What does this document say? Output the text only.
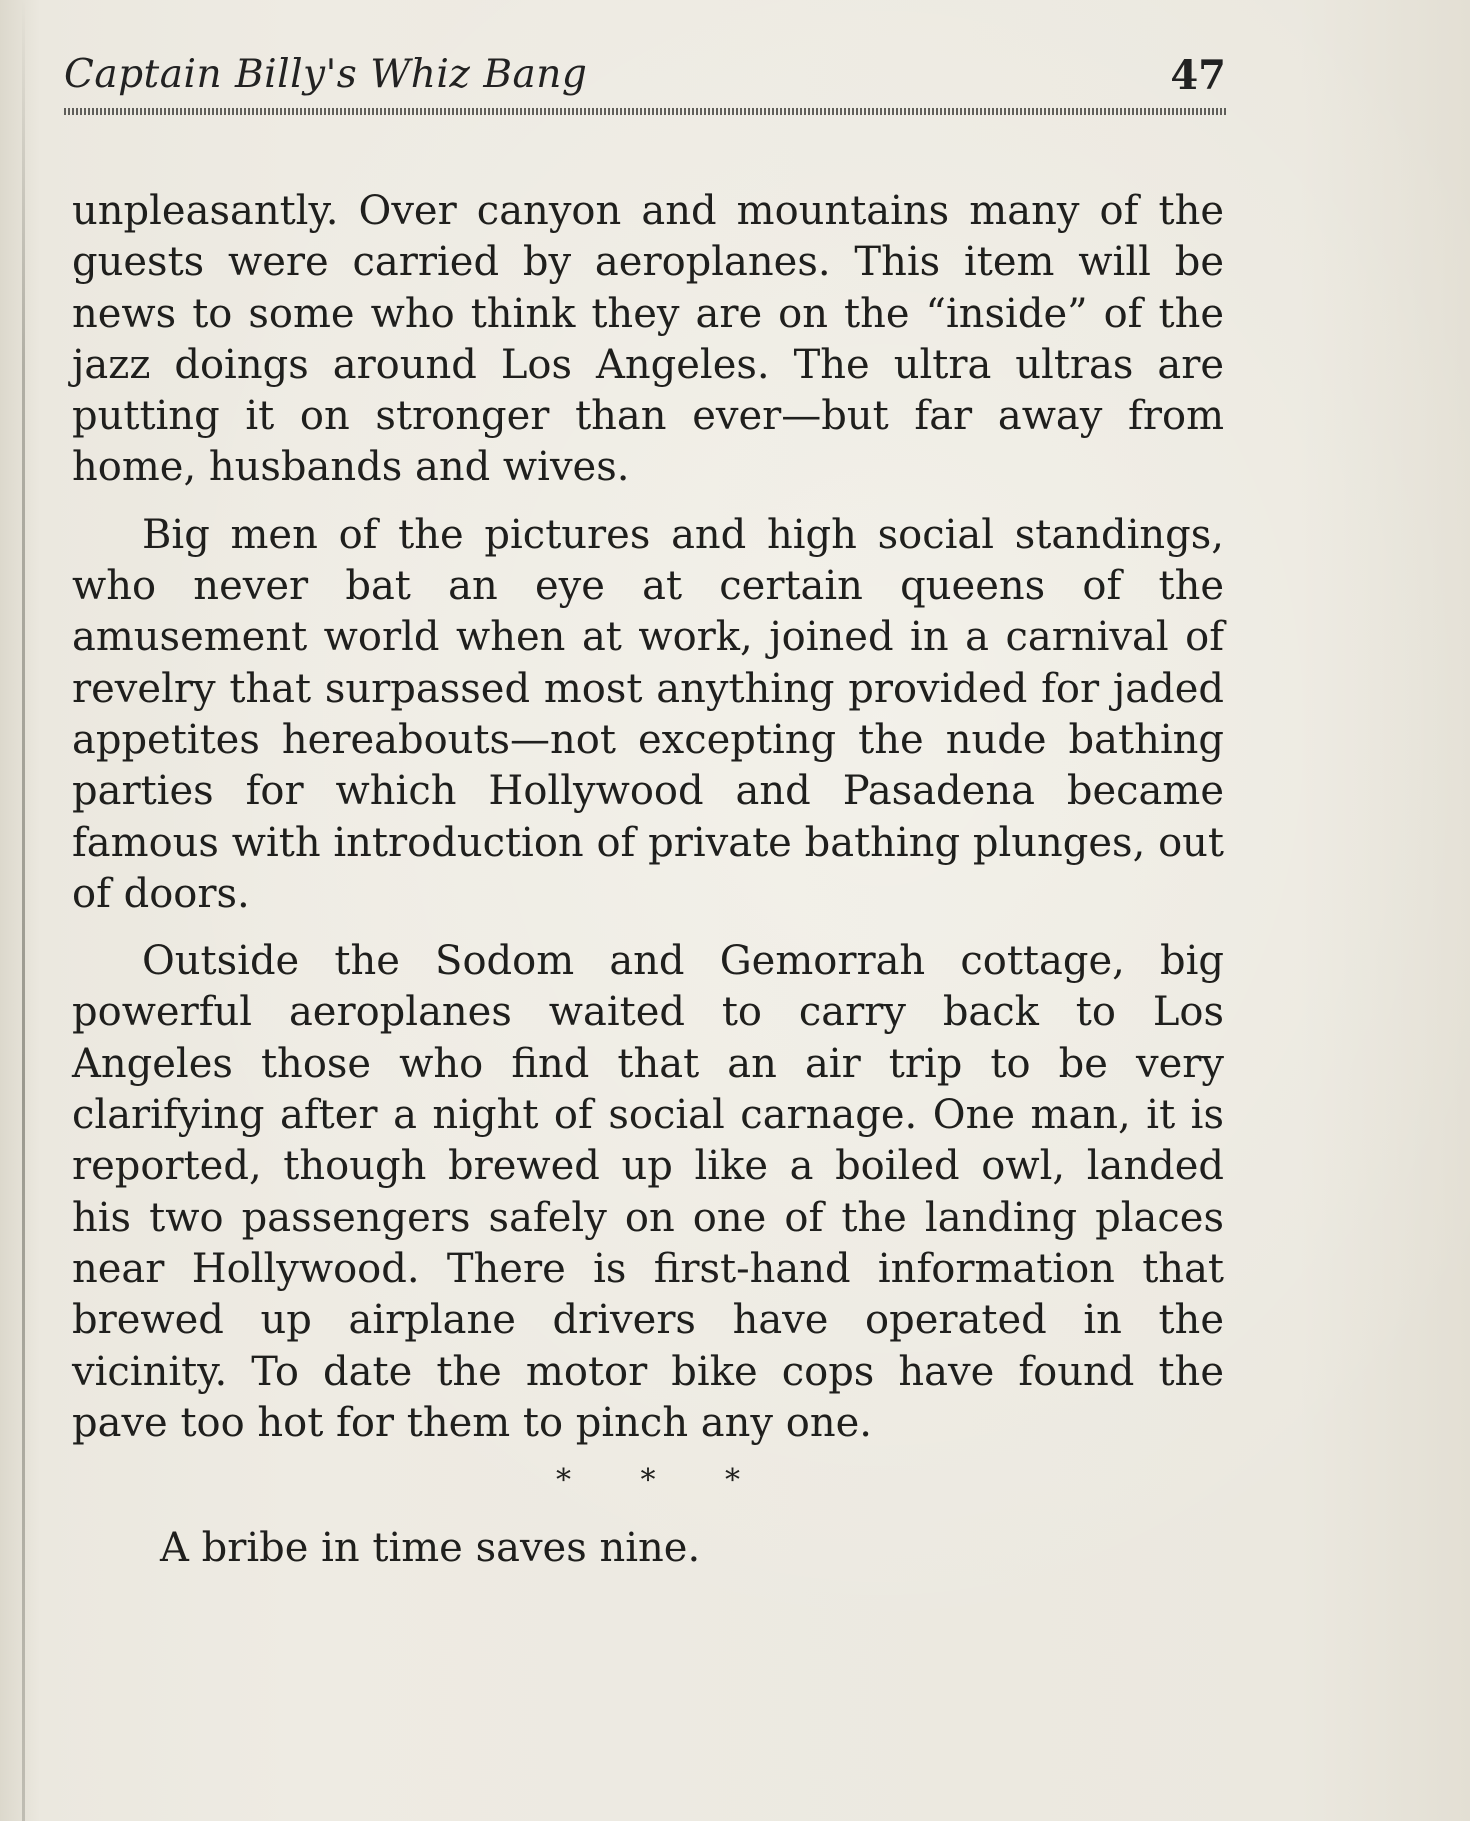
Captain Billy's Whiz Bang	47

unpleasantly. Over canyon and mountains many of the guests were carried by aeroplanes. This item will be news to some who think they are on the “inside” of the jazz doings around Los Angeles. The ultra ultras are putting it on stronger than ever—but far away from home, husbands and wives.

Big men of the pictures and high social standings, who never bat an eye at certain queens of the amusement world when at work, joined in a carnival of revelry that surpassed most anything provided for jaded appetites hereabouts—not excepting the nude bathing parties for which Hollywood and Pasadena became famous with introduction of private bathing plunges, out of doors.

Outside the Sodom and Gemorrah cottage, big powerful aeroplanes waited to carry back to Los Angeles those who find that an air trip to be very clarifying after a night of social carnage. One man, it is reported, though brewed up like a boiled owl, landed his two passengers safely on one of the landing places near Hollywood. There is first-hand information that brewed up airplane drivers have operated in the vicinity. To date the motor bike cops have found the pave too hot for them to pinch any one.

* * *

A bribe in time saves nine.
